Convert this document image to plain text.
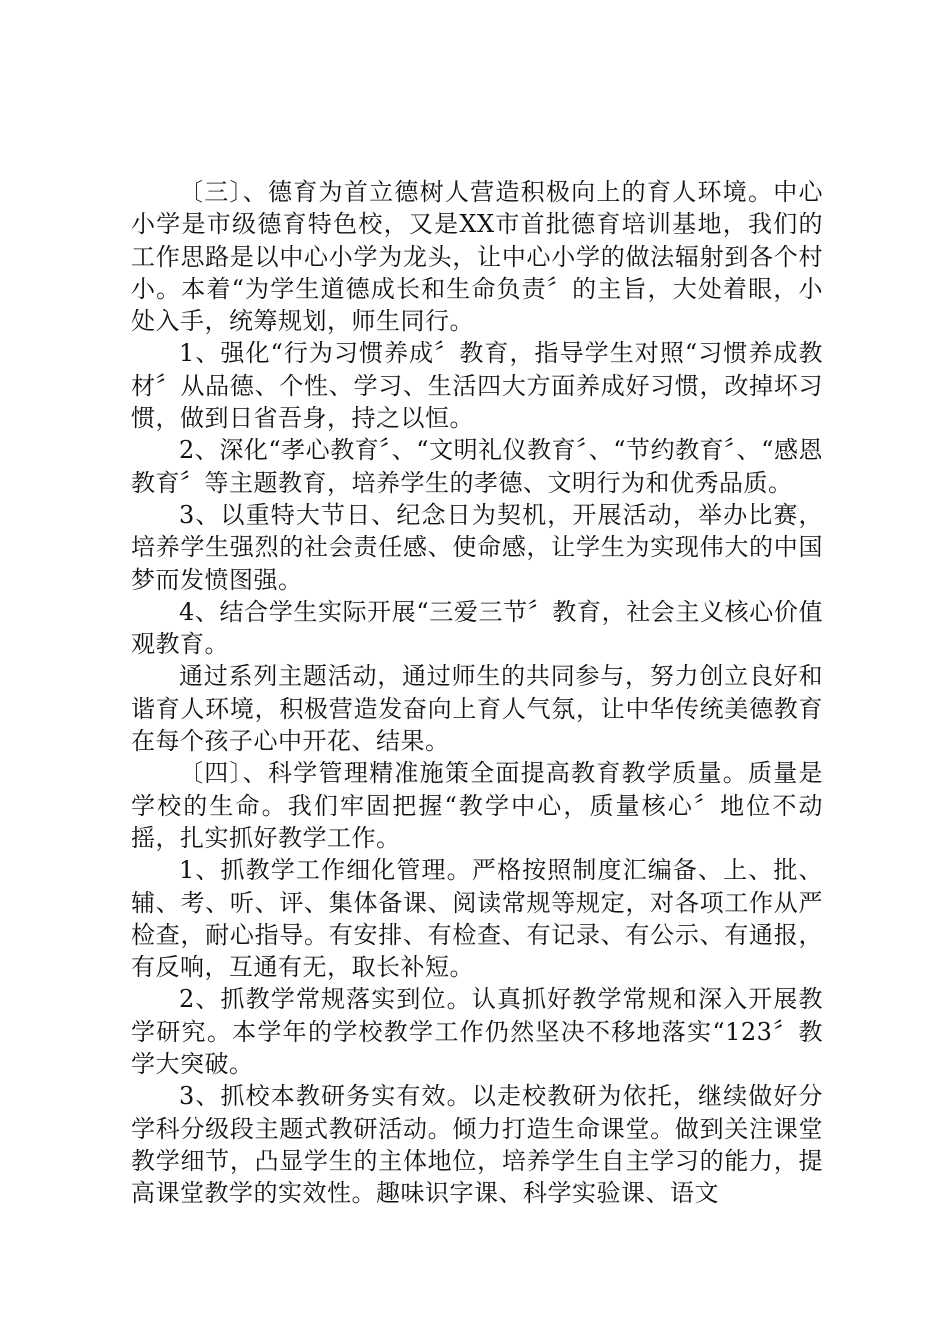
〔三〕、德育为首立德树人营造积极向上的育人环境。中心小学是市级德育特色校，又是XX市首批德育培训基地，我们的工作思路是以中心小学为龙头，让中心小学的做法辐射到各个村小。本着“为学生道德成长和生命负责〞的主旨，大处着眼，小处入手，统筹规划，师生同行。

1、强化“行为习惯养成〞教育，指导学生对照“习惯养成教材〞从品德、个性、学习、生活四大方面养成好习惯，改掉坏习惯，做到日省吾身，持之以恒。

2、深化“孝心教育〞、“文明礼仪教育〞、“节约教育〞、“感恩教育〞等主题教育，培养学生的孝德、文明行为和优秀品质。

3、以重特大节日、纪念日为契机，开展活动，举办比赛，培养学生强烈的社会责任感、使命感，让学生为实现伟大的中国梦而发愤图强。

4、结合学生实际开展“三爱三节〞教育，社会主义核心价值观教育。

通过系列主题活动，通过师生的共同参与，努力创立良好和谐育人环境，积极营造发奋向上育人气氛，让中华传统美德教育在每个孩子心中开花、结果。

〔四〕、科学管理精准施策全面提高教育教学质量。质量是学校的生命。我们牢固把握“教学中心，质量核心〞地位不动摇，扎实抓好教学工作。

1、抓教学工作细化管理。严格按照制度汇编备、上、批、辅、考、听、评、集体备课、阅读常规等规定，对各项工作从严检查，耐心指导。有安排、有检查、有记录、有公示、有通报，有反响，互通有无，取长补短。

2、抓教学常规落实到位。认真抓好教学常规和深入开展教学研究。本学年的学校教学工作仍然坚决不移地落实“123〞教学大突破。

3、抓校本教研务实有效。以走校教研为依托，继续做好分学科分级段主题式教研活动。倾力打造生命课堂。做到关注课堂教学细节，凸显学生的主体地位，培养学生自主学习的能力，提高课堂教学的实效性。趣味识字课、科学实验课、语文
